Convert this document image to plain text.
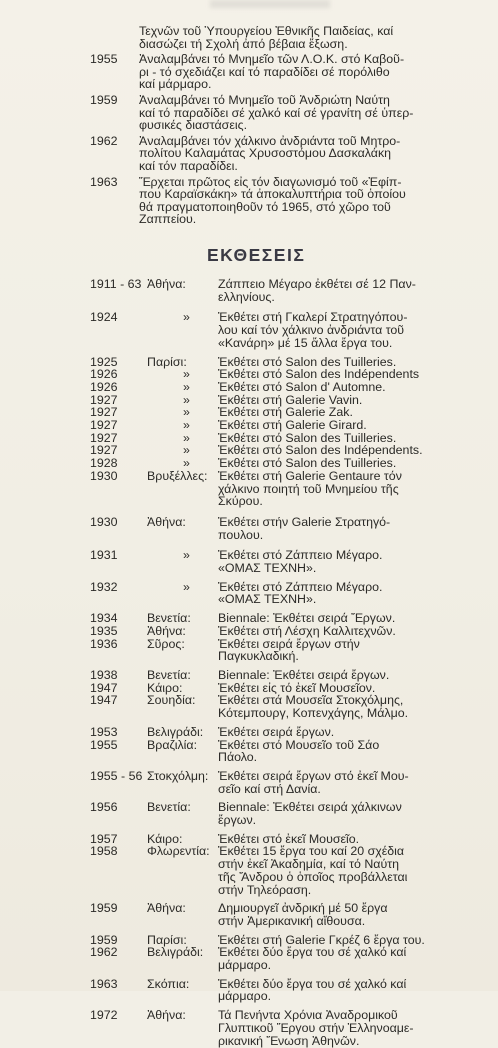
Τεχνῶν τοῦ Ὑπουργείου Ἐθνικῆς Παιδείας, καί
διασώζει τή Σχολή ἀπό βέβαια ἔξωση.
1955	Ἀναλαμβάνει τό Μνημεῖο τῶν Λ.Ο.Κ. στό Καβοῦ-
ρι - τό σχεδιάζει καί τό παραδίδει σέ πορόλιθο
καί μάρμαρο.
1959	Ἀναλαμβάνει τό Μνημεῖο τοῦ Ἀνδριώτη Ναύτη
καί τό παραδίδει σέ χαλκό καί σέ γρανίτη σέ ὑπερ-
φυσικές διαστάσεις.
1962	Ἀναλαμβάνει τόν χάλκινο ἀνδριάντα τοῦ Μητρο-
πολίτου Καλαμάτας Χρυσοστόμου Δασκαλάκη
καί τόν παραδίδει.
1963	Ἔρχεται πρῶτος εἰς τόν διαγωνισμό τοῦ «Ἐφίπ-
που Καραϊσκάκη» τά ἀποκαλυπτήρια τοῦ ὁποίου
θά πραγματοποιηθοῦν τό 1965, στό χῶρο τοῦ
Ζαππείου.
ΕΚΘΕΣΕΙΣ
1911 - 63 Ἀθήνα:	Ζάππειο Μέγαρο ἐκθέτει σέ 12 Παν-
ελληνίους.
1924	»	Ἐκθέτει στή Γκαλερί Στρατηγόπου-
λου καί τόν χάλκινο ἀνδριάντα τοῦ
«Κανάρη» μέ 15 ἄλλα ἔργα του.
1925	Παρίσι:	Ἐκθέτει στό Salon des Tuilleries.
1926	»	Ἐκθέτει στό Salon des Indépendents
1926	»	Ἐκθέτει στό Salon d' Automne.
1927	»	Ἐκθέτει στή Galerie Vavin.
1927	»	Ἐκθέτει στή Galerie Zak.
1927	»	Ἐκθέτει στή Galerie Girard.
1927	»	Ἐκθέτει στό Salon des Tuilleries.
1927	»	Ἐκθέτει στό Salon des Indépendents.
1928	»	Ἐκθέτει στό Salon des Tuilleries.
1930	Βρυξέλλες: Ἐκθέτει στή Galerie Gentaure τόν
χάλκινο ποιητή τοῦ Μνημείου τῆς
Σκύρου.
1930	Ἀθήνα:	Ἐκθέτει στήν Galerie Στρατηγό-
πουλου.
1931	»	Ἐκθέτει στό Ζάππειο Μέγαρο.
«ΟΜΑΣ ΤΕΧΝΗ».
1932	»	Ἐκθέτει στό Ζάππειο Μέγαρο.
«ΟΜΑΣ ΤΕΧΝΗ».
1934	Βενετία:	Biennale: Ἐκθέτει σειρά Ἔργων.
1935	Ἀθήνα:	Ἐκθέτει στή Λέσχη Καλλιτεχνῶν.
1936	Σῦρος:	Ἐκθέτει σειρά ἔργων στήν
Παγκυκλαδική.
1938	Βενετία:	Biennale: Ἐκθέτει σειρά ἔργων.
1947	Κάιρο:	Ἐκθέτει εἰς τό ἐκεῖ Μουσεῖον.
1947	Σουηδία:	Ἐκθέτει στά Μουσεῖα Στοκχόλμης,
Κότεμπουργ, Κοπενχάγης, Μάλμο.
1953	Βελιγράδι:	Ἐκθέτει σειρά ἔργων.
1955	Βραζιλία:	Ἐκθέτει στό Μουσεῖο τοῦ Σάο
Πάολο.
1955 - 56 Στοκχόλμη: Ἐκθέτει σειρά ἔργων στό ἐκεῖ Μου-
σεῖο καί στή Δανία.
1956	Βενετία:	Biennale: Ἐκθέτει σειρά χάλκινων
ἔργων.
1957	Κάιρο:	Ἐκθέτει στό ἐκεῖ Μουσεῖο.
1958	Φλωρεντία: Ἐκθέτει 15 ἔργα του καί 20 σχέδια
στήν ἐκεῖ Ἀκαδημία, καί τό Ναύτη
τῆς Ἄνδρου ὁ ὁποῖος προβάλλεται
στήν Τηλεόραση.
1959	Ἀθήνα:	Δημιουργεῖ ἀνδρική μέ 50 ἔργα
στήν Ἀμερικανική αἴθουσα.
1959	Παρίσι:	Ἐκθέτει στή Galerie Γκρέζ 6 ἔργα του.
1962	Βελιγράδι:	Ἐκθέτει δύο ἔργα του σέ χαλκό καί
μάρμαρο.
1963	Σκόπια:	Ἐκθέτει δύο ἔργα του σέ χαλκό καί
μάρμαρο.
1972	Ἀθήνα:	Τά Πενήντα Χρόνια Ἀναδρομικοῦ
Γλυπτικοῦ Ἔργου στήν Ἑλληνοαμε-
ρικανική Ἕνωση Ἀθηνῶν.
